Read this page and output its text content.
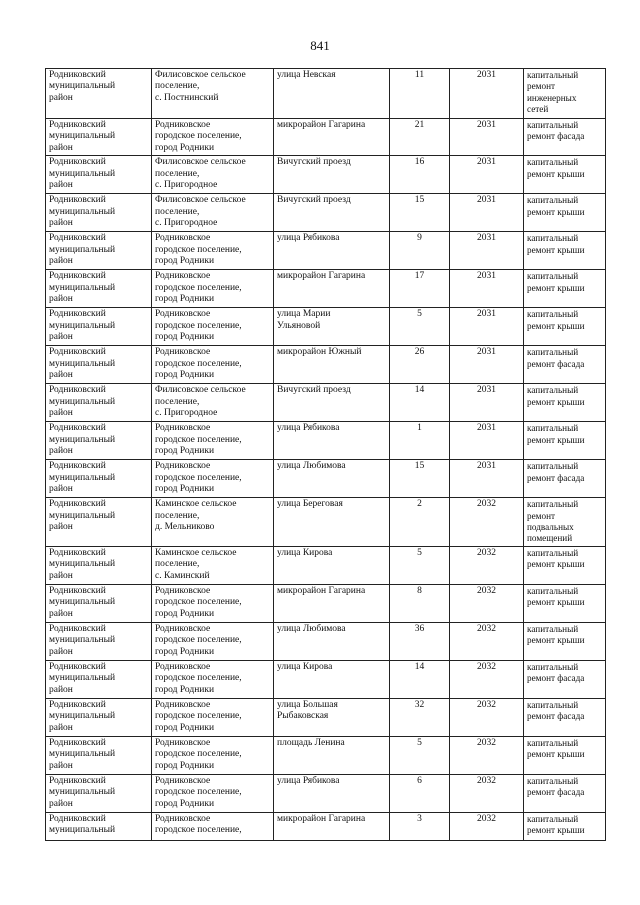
841
Родниковский
муниципальный
район	Филисовское сельское
поселение,
с. Постнинский	улица Невская	11	2031	капитальный
ремонт
инженерных
сетей

Родниковский
муниципальный
район	Родниковское
городское поселение,
город Родники	микрорайон Гагарина	21	2031	капитальный
ремонт фасада

Родниковский
муниципальный
район	Филисовское сельское
поселение,
с. Пригородное	Вичугский проезд	16	2031	капитальный
ремонт крыши

Родниковский
муниципальный
район	Филисовское сельское
поселение,
с. Пригородное	Вичугский проезд	15	2031	капитальный
ремонт крыши

Родниковский
муниципальный
район	Родниковское
городское поселение,
город Родники	улица Рябикова	9	2031	капитальный
ремонт крыши

Родниковский
муниципальный
район	Родниковское
городское поселение,
город Родники	микрорайон Гагарина	17	2031	капитальный
ремонт крыши

Родниковский
муниципальный
район	Родниковское
городское поселение,
город Родники	улица Марии
Ульяновой	5	2031	капитальный
ремонт крыши

Родниковский
муниципальный
район	Родниковское
городское поселение,
город Родники	микрорайон Южный	26	2031	капитальный
ремонт фасада

Родниковский
муниципальный
район	Филисовское сельское
поселение,
с. Пригородное	Вичугский проезд	14	2031	капитальный
ремонт крыши

Родниковский
муниципальный
район	Родниковское
городское поселение,
город Родники	улица Рябикова	1	2031	капитальный
ремонт крыши

Родниковский
муниципальный
район	Родниковское
городское поселение,
город Родники	улица Любимова	15	2031	капитальный
ремонт фасада

Родниковский
муниципальный
район	Каминское сельское
поселение,
д. Мельниково	улица Береговая	2	2032	капитальный
ремонт
подвальных
помещений

Родниковский
муниципальный
район	Каминское сельское
поселение,
с. Каминский	улица Кирова	5	2032	капитальный
ремонт крыши

Родниковский
муниципальный
район	Родниковское
городское поселение,
город Родники	микрорайон Гагарина	8	2032	капитальный
ремонт крыши

Родниковский
муниципальный
район	Родниковское
городское поселение,
город Родники	улица Любимова	36	2032	капитальный
ремонт крыши

Родниковский
муниципальный
район	Родниковское
городское поселение,
город Родники	улица Кирова	14	2032	капитальный
ремонт фасада

Родниковский
муниципальный
район	Родниковское
городское поселение,
город Родники	улица Большая
Рыбаковская	32	2032	капитальный
ремонт фасада

Родниковский
муниципальный
район	Родниковское
городское поселение,
город Родники	площадь Ленина	5	2032	капитальный
ремонт крыши

Родниковский
муниципальный
район	Родниковское
городское поселение,
город Родники	улица Рябикова	6	2032	капитальный
ремонт фасада

Родниковский
муниципальный	Родниковское
городское поселение,	микрорайон Гагарина	3	2032	капитальный
ремонт крыши
